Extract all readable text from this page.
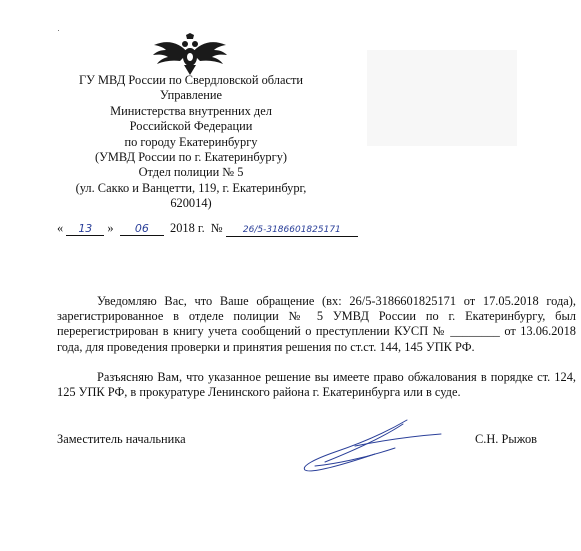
ГУ МВД России по Свердловской области
Управление
Министерства внутренних дел
Российской Федерации
по городу Екатеринбургу
(УМВД России по г. Екатеринбургу)
Отдел полиции № 5
(ул. Сакко и Ванцетти, 119, г. Екатеринбург,
620014)
« 13 » 06 2018 г. № 26/5-3186601825171

Уведомляю Вас, что Ваше обращение (вх: 26/5-3186601825171 от 17.05.2018 года), зарегистрированное в отделе полиции № 5 УМВД России по г. Екатеринбургу, был перерегистрирован в книгу учета сообщений о преступлении КУСП № ________ от 13.06.2018 года, для проведения проверки и принятия решения по ст.ст. 144, 145 УПК РФ.

Разъясняю Вам, что указанное решение вы имеете право обжалования в порядке ст. 124, 125 УПК РФ, в прокуратуре Ленинского района г. Екатеринбурга или в суде.

Заместитель начальника	С.Н. Рыжов
